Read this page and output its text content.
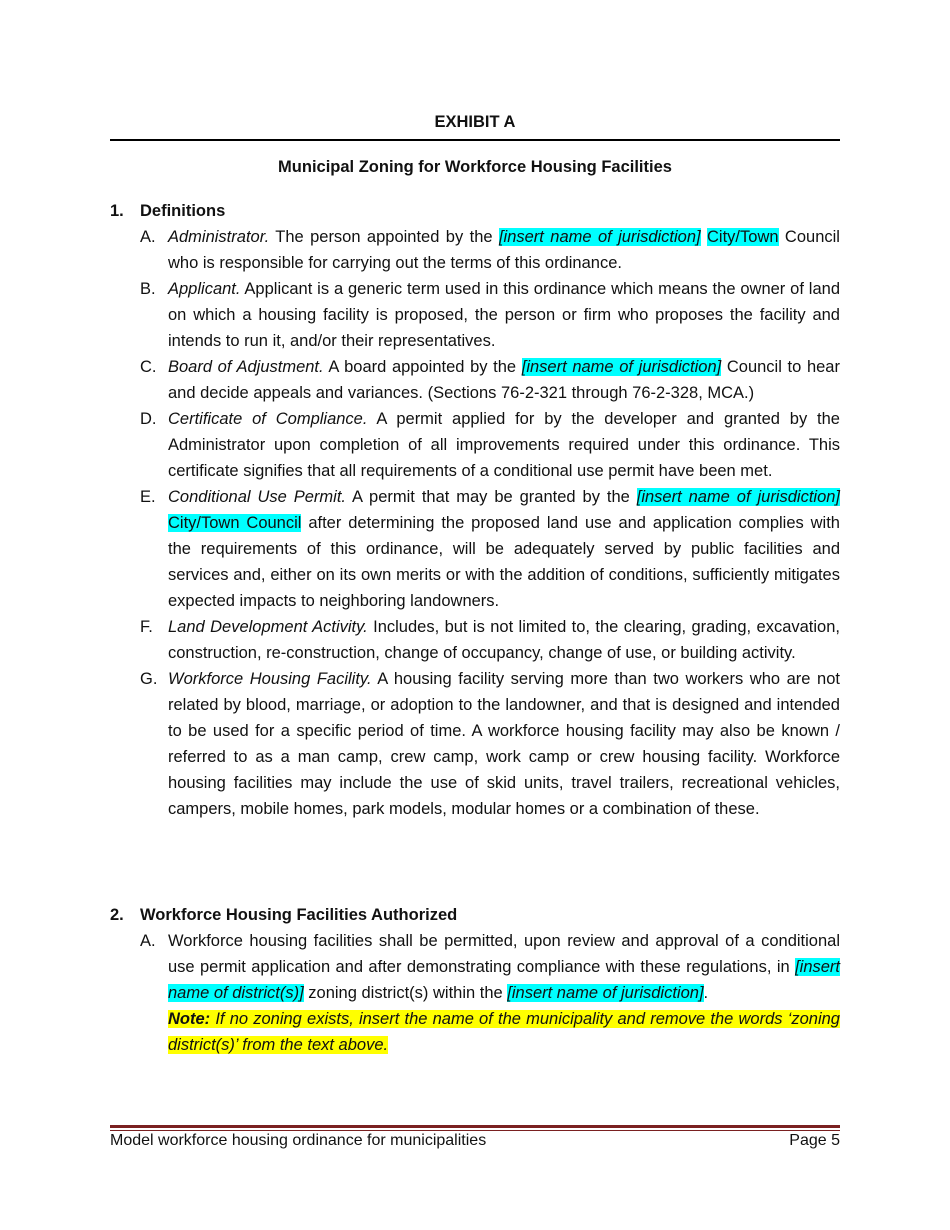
EXHIBIT A
Municipal Zoning for Workforce Housing Facilities
1. Definitions
A. Administrator. The person appointed by the [insert name of jurisdiction] City/Town Council who is responsible for carrying out the terms of this ordinance.
B. Applicant. Applicant is a generic term used in this ordinance which means the owner of land on which a housing facility is proposed, the person or firm who proposes the facility and intends to run it, and/or their representatives.
C. Board of Adjustment. A board appointed by the [insert name of jurisdiction] Council to hear and decide appeals and variances. (Sections 76-2-321 through 76-2-328, MCA.)
D. Certificate of Compliance. A permit applied for by the developer and granted by the Administrator upon completion of all improvements required under this ordinance. This certificate signifies that all requirements of a conditional use permit have been met.
E. Conditional Use Permit. A permit that may be granted by the [insert name of jurisdiction] City/Town Council after determining the proposed land use and application complies with the requirements of this ordinance, will be adequately served by public facilities and services and, either on its own merits or with the addition of conditions, sufficiently mitigates expected impacts to neighboring landowners.
F. Land Development Activity. Includes, but is not limited to, the clearing, grading, excavation, construction, re-construction, change of occupancy, change of use, or building activity.
G. Workforce Housing Facility. A housing facility serving more than two workers who are not related by blood, marriage, or adoption to the landowner, and that is designed and intended to be used for a specific period of time. A workforce housing facility may also be known / referred to as a man camp, crew camp, work camp or crew housing facility. Workforce housing facilities may include the use of skid units, travel trailers, recreational vehicles, campers, mobile homes, park models, modular homes or a combination of these.
2. Workforce Housing Facilities Authorized
A. Workforce housing facilities shall be permitted, upon review and approval of a conditional use permit application and after demonstrating compliance with these regulations, in [insert name of district(s)] zoning district(s) within the [insert name of jurisdiction].
Note: If no zoning exists, insert the name of the municipality and remove the words ‘zoning district(s)’ from the text above.
Model workforce housing ordinance for municipalities	Page 5
